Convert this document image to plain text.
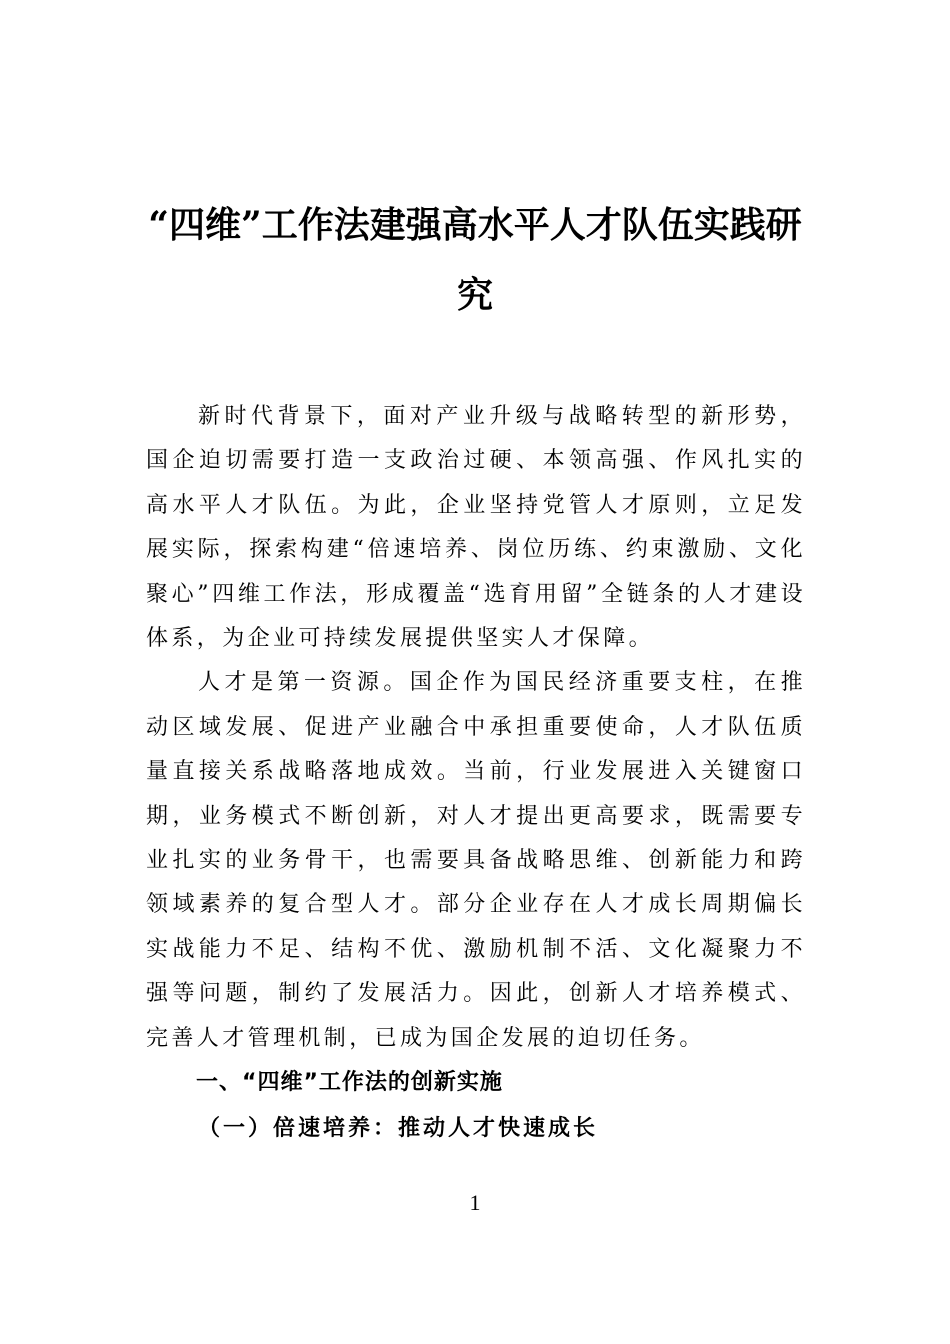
“四维”工作法建强高水平人才队伍实践研究

新时代背景下，面对产业升级与战略转型的新形势，国企迫切需要打造一支政治过硬、本领高强、作风扎实的高水平人才队伍。为此，企业坚持党管人才原则，立足发展实际，探索构建“倍速培养、岗位历练、约束激励、文化聚心”四维工作法，形成覆盖“选育用留”全链条的人才建设体系，为企业可持续发展提供坚实人才保障。

人才是第一资源。国企作为国民经济重要支柱，在推动区域发展、促进产业融合中承担重要使命，人才队伍质量直接关系战略落地成效。当前，行业发展进入关键窗口期，业务模式不断创新，对人才提出更高要求，既需要专业扎实的业务骨干，也需要具备战略思维、创新能力和跨领域素养的复合型人才。部分企业存在人才成长周期偏长实战能力不足、结构不优、激励机制不活、文化凝聚力不强等问题，制约了发展活力。因此，创新人才培养模式、完善人才管理机制，已成为国企发展的迫切任务。

一、“四维”工作法的创新实施
（一）倍速培养：推动人才快速成长
1
